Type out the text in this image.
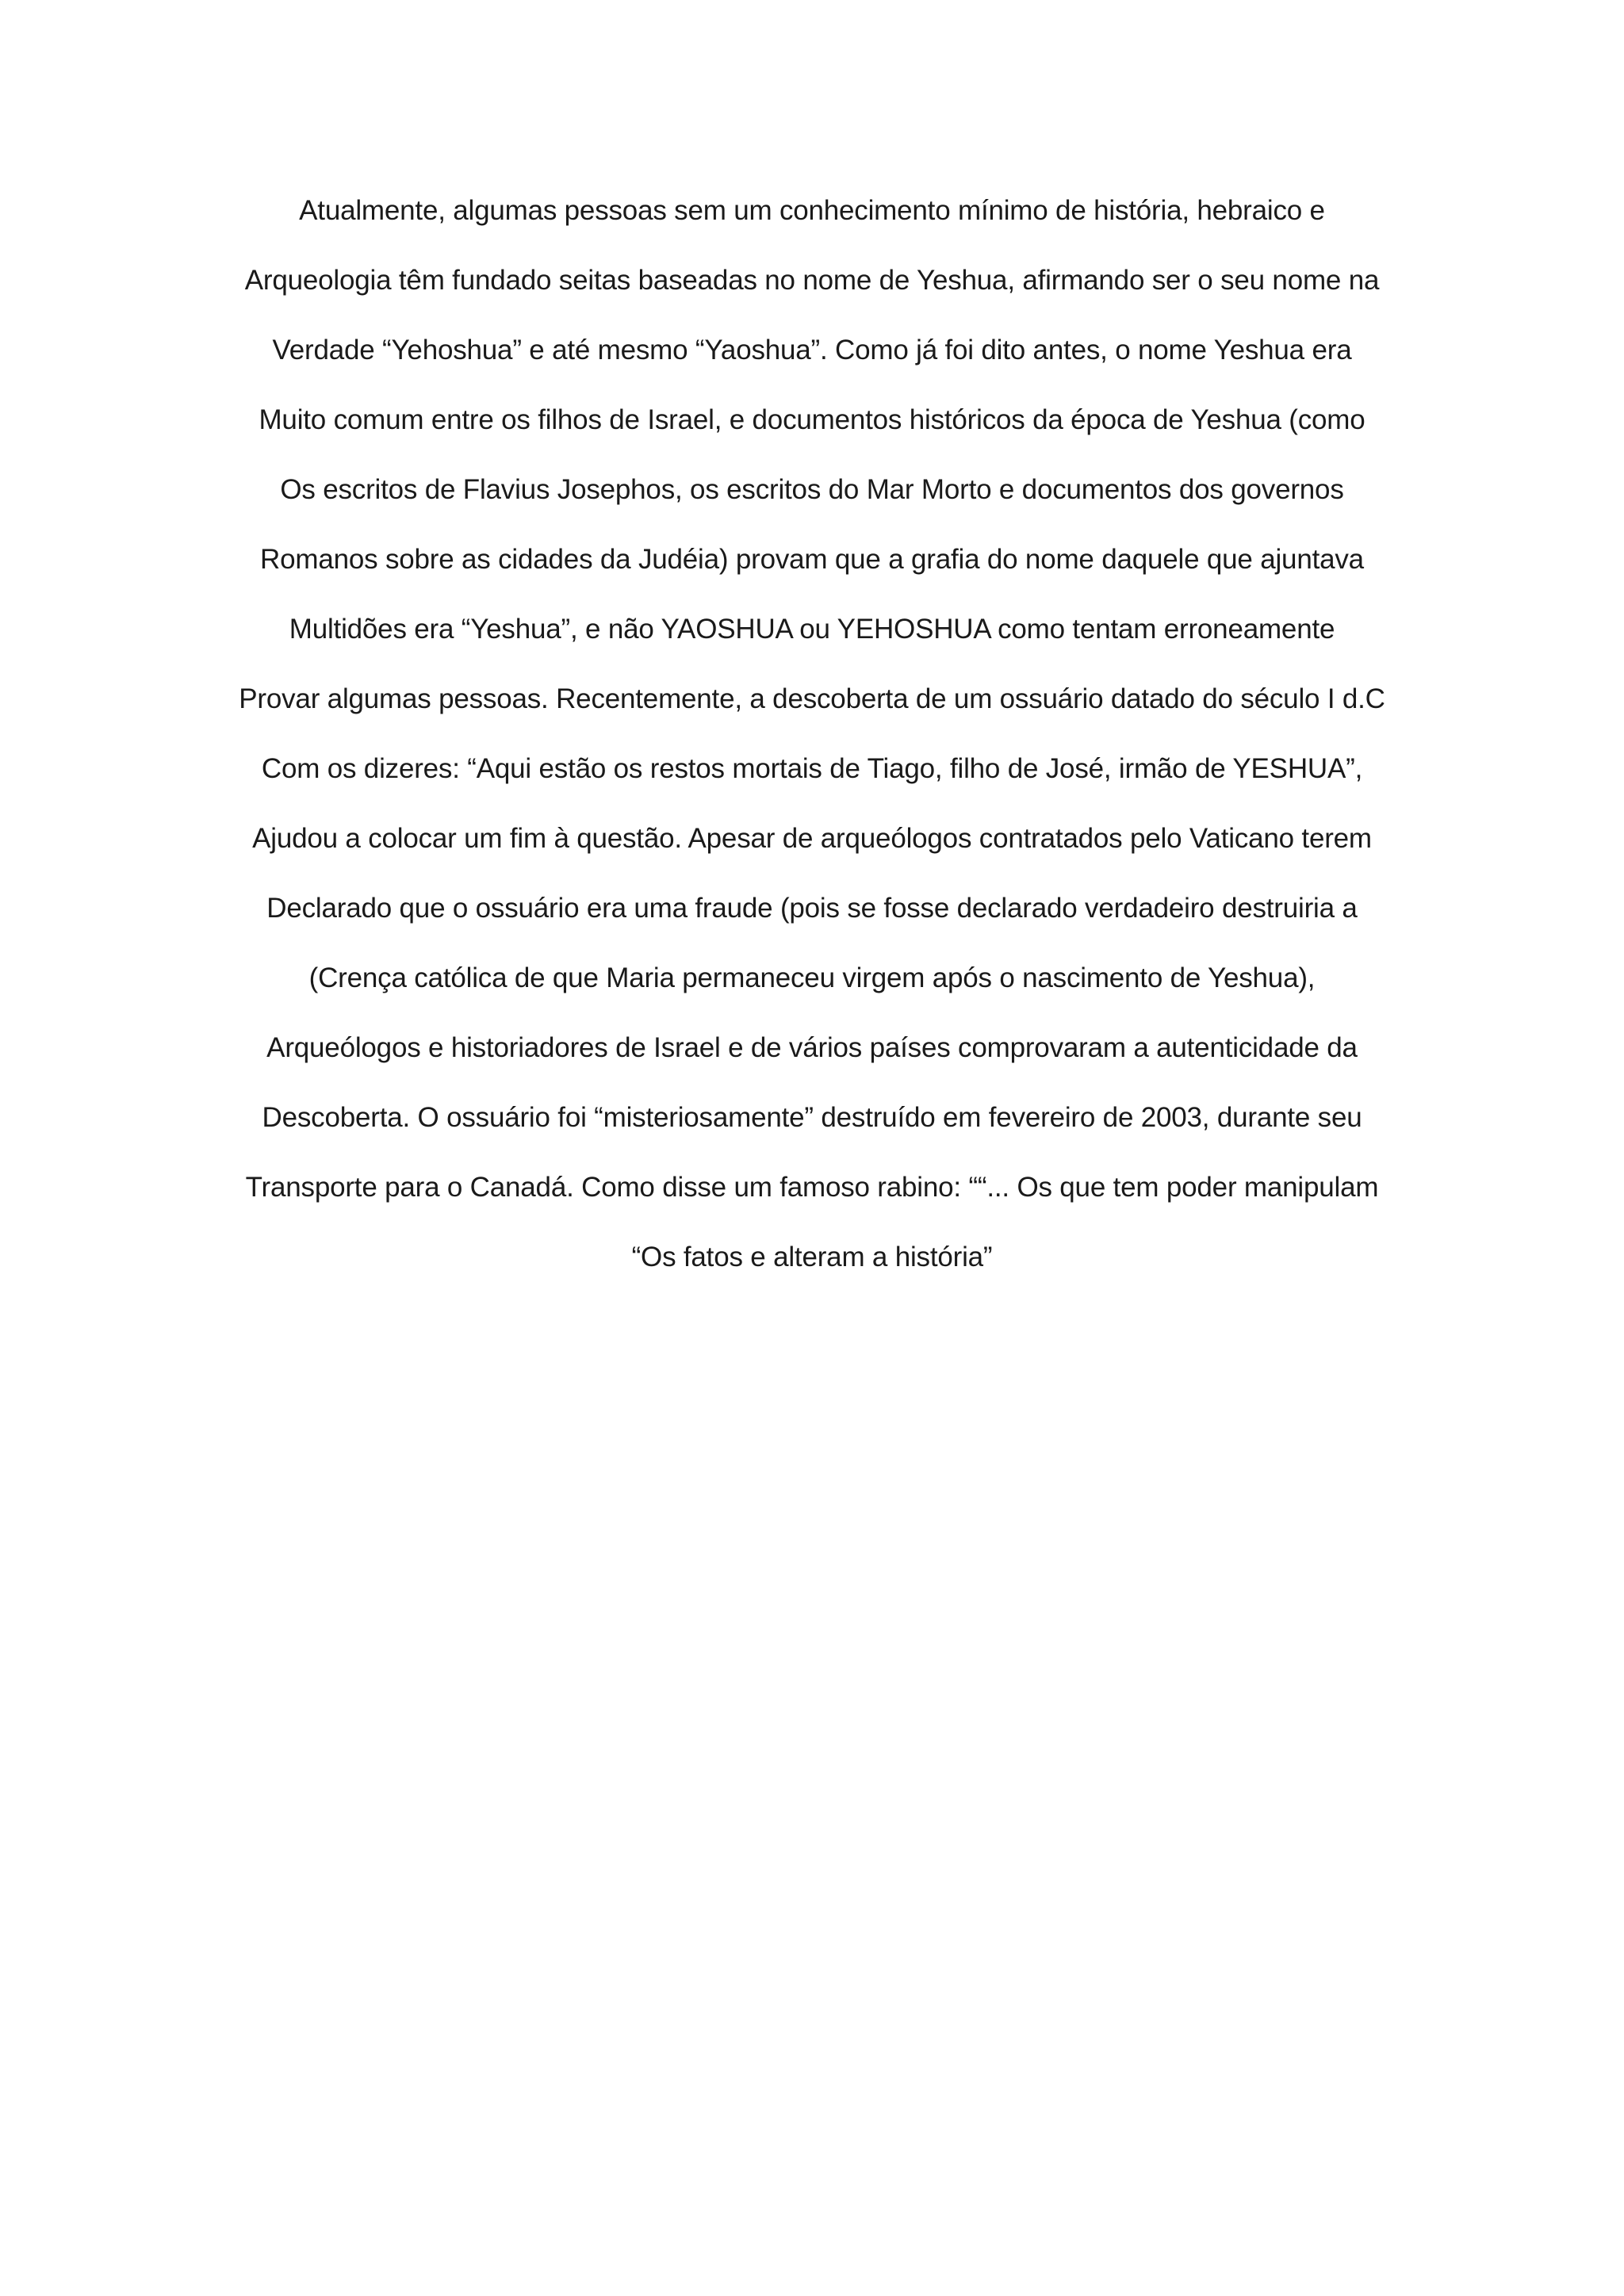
Atualmente, algumas pessoas sem um conhecimento mínimo de história, hebraico e
Arqueologia têm fundado seitas baseadas no nome de Yeshua, afirmando ser o seu nome na
Verdade “Yehoshua” e até mesmo “Yaoshua”. Como já foi dito antes, o nome Yeshua era
Muito comum entre os filhos de Israel, e documentos históricos da época de Yeshua (como
Os escritos de Flavius Josephos, os escritos do Mar Morto e documentos dos governos
Romanos sobre as cidades da Judéia) provam que a grafia do nome daquele que ajuntava
Multidões era “Yeshua”, e não YAOSHUA ou YEHOSHUA como tentam erroneamente
Provar algumas pessoas. Recentemente, a descoberta de um ossuário datado do século I d.C
Com os dizeres: “Aqui estão os restos mortais de Tiago, filho de José, irmão de YESHUA”,
Ajudou a colocar um fim à questão. Apesar de arqueólogos contratados pelo Vaticano terem
Declarado que o ossuário era uma fraude (pois se fosse declarado verdadeiro destruiria a
(Crença católica de que Maria permaneceu virgem após o nascimento de Yeshua),
Arqueólogos e historiadores de Israel e de vários países comprovaram a autenticidade da
Descoberta. O ossuário foi “misteriosamente” destruído em fevereiro de 2003, durante seu
Transporte para o Canadá. Como disse um famoso rabino: ““... Os que tem poder manipulam
“Os fatos e alteram a história”
